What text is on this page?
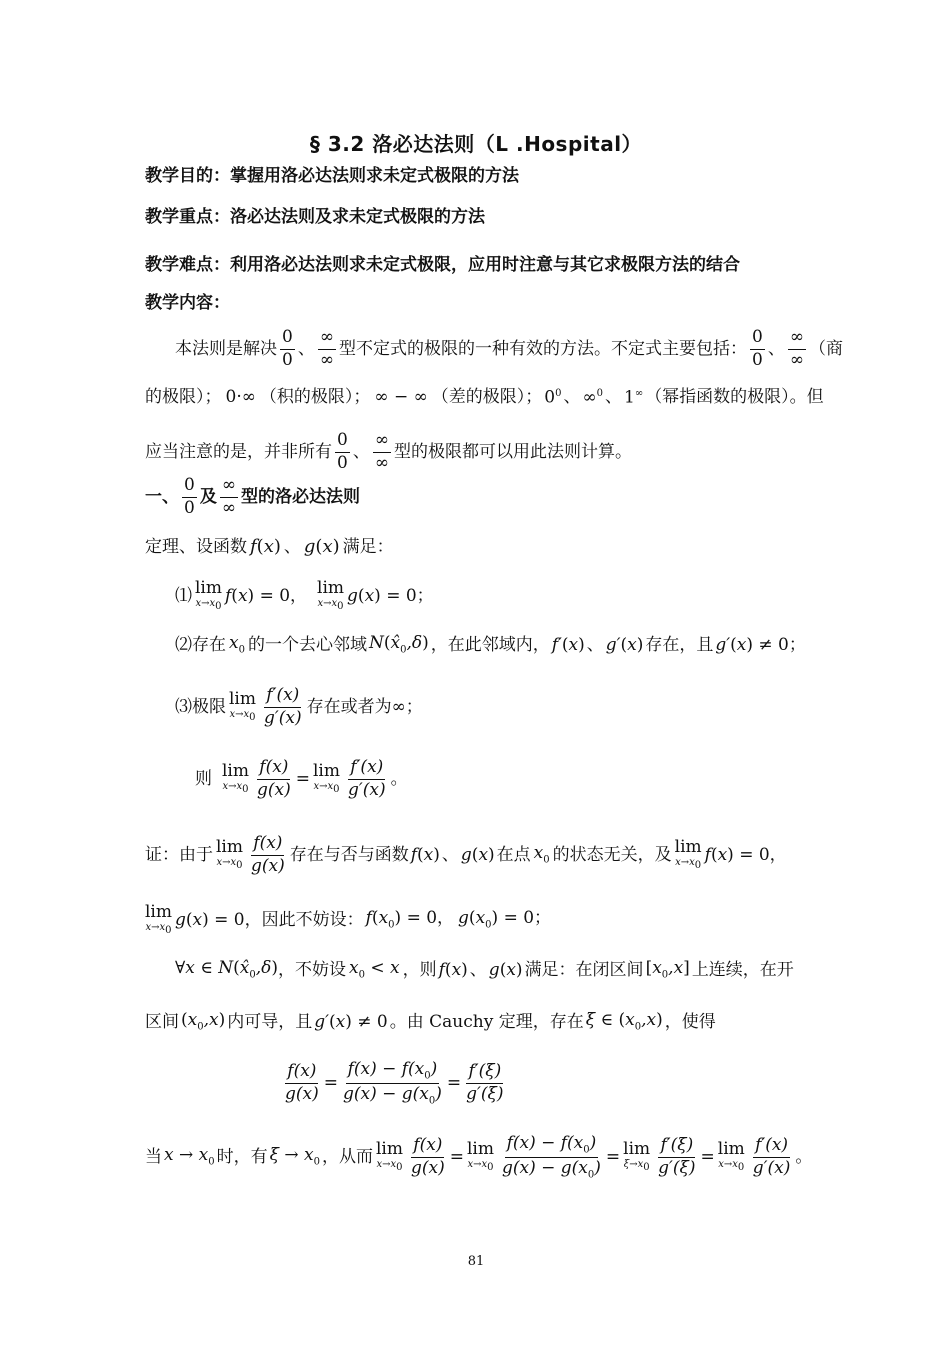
§ 3.2 洛必达法则（L .Hospital）
教学目的：掌握用洛必达法则求未定式极限的方法
教学重点：洛必达法则及求未定式极限的方法
教学难点：利用洛必达法则求未定式极限，应用时注意与其它求极限方法的结合
教学内容：
本法则是解决 $\frac{0}{0}$ 、 $\frac{\infty}{\infty}$ 型不定式的极限的一种有效的方法。不定式主要包括： $\frac{0}{0}$ 、 $\frac{\infty}{\infty}$ （商
的极限）； 0·∞ （积的极限）； ∞ − ∞ （差的极限）； $0^0$ 、 ∞$^0$ 、 1∞ （幂指函数的极限）。但
应当注意的是，并非所有 $\frac{0}{0}$ 、 $\frac{\infty}{\infty}$ 型的极限都可以用此法则计算。
一、 $\frac{0}{0}$ 及 $\frac{\infty}{\infty}$ 型的洛必达法则
定理、设函数 f(x) 、 g(x) 满足：
⑴ lim
$x\to x_0$
f(x) = 0， lim
$x\to x_0$
g(x) = 0；
⑵存在 $x_0$ 的一个去心邻域 $N(x̂_0,\delta)$ ，在此邻域内， f′(x) 、 g′(x) 存在，且 g′(x) ≠ 0；
⑶极限 lim
$x\to x_0 \frac{f'(x)}{g'(x)}$ 存在或者为 ∞；
则 lim
$x\to x_0 \frac{f(x)}{g(x)} = \lim$
$x\to x_0 \frac{f'(x)}{g'(x)}$ 。
证：由于 lim
$x\to x_0 \frac{f(x)}{g(x)}$ 存在与否与函数 f(x) 、 g(x) 在点 $x_0$ 的状态无关，及 lim
$x\to x_0$
f(x) = 0，
lim
$x\to x_0$
g(x) = 0 ，因此不妨设： $f(x_0) = 0$， $g(x_0) = 0$；
∀x ∈ $N(x̂_0,\delta)$ ，不妨设 $x_0 < x$ ，则 f(x) 、 g(x) 满足：在闭区间 $[x_0,x]$ 上连续，在开
区间 $(x_0,x)$ 内可导，且 g′(x) ≠ 0 。由 Cauchy 定理，存在 ξ ∈ $(x_0,x)$ ，使得
$\frac{f(x)}{g(x)} = \frac{f(x) - f(x_0)}{g(x) - g(x_0)} = \frac{f'(\xi)}{g'(\xi)}$
当 $x \to x_0$ 时，有 $\xi \to x_0$ ，从而 lim
$x\to x_0 \frac{f(x)}{g(x)} = \lim$
$x\to x_0 \frac{f(x) - f(x_0)}{g(x) - g(x_0)} = \lim$
$\xi\to x_0 \frac{f'(\xi)}{g'(\xi)} = \lim$
$x\to x_0 \frac{f'(x)}{g'(x)}$ 。
81
